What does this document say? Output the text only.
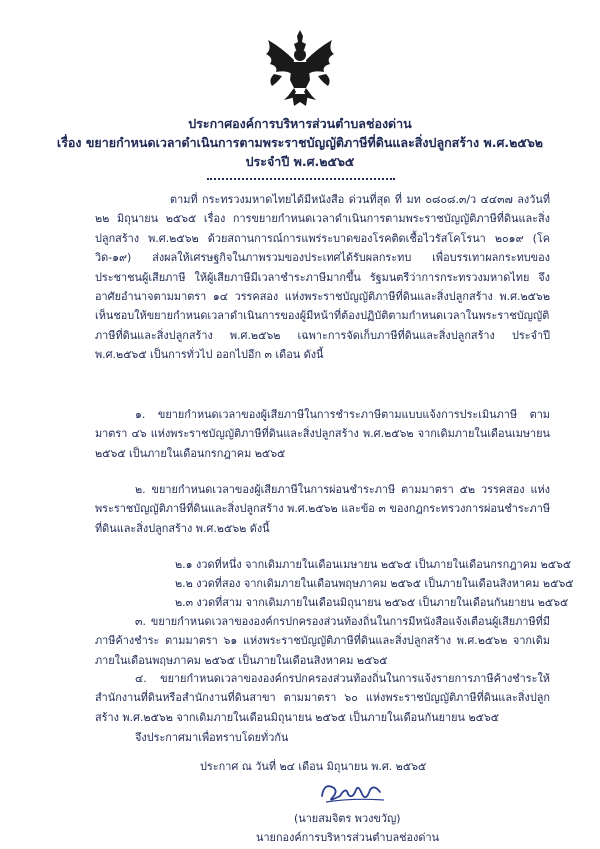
ประกาศองค์การบริหารส่วนตำบลช่องด่าน
เรื่อง ขยายกำหนดเวลาดำเนินการตามพระราชบัญญัติภาษีที่ดินและสิ่งปลูกสร้าง พ.ศ.๒๕๖๒
ประจำปี พ.ศ.๒๕๖๕
ตามที่ กระทรวงมหาดไทยได้มีหนังสือ ด่วนที่สุด ที่ มท ๐๘๐๘.๓/ว ๔๔๓๗ ลงวันที่ ๒๒ มิถุนายน ๒๕๖๕ เรื่อง การขยายกำหนดเวลาดำเนินการตามพระราชบัญญัติภาษีที่ดินและสิ่งปลูกสร้าง พ.ศ.๒๕๖๒ ด้วยสถานการณ์การแพร่ระบาดของโรคติดเชื้อไวรัสโคโรนา ๒๐๑๙ (โควิด-๑๙) ส่งผลให้เศรษฐกิจในภาพรวมของประเทศได้รับผลกระทบ เพื่อบรรเทาผลกระทบของประชาชนผู้เสียภาษี ให้ผู้เสียภาษีมีเวลาชำระภาษีมากขึ้น รัฐมนตรีว่าการกระทรวงมหาดไทย จึงอาศัยอำนาจตามมาตรา ๑๔ วรรคสอง แห่งพระราชบัญญัติภาษีที่ดินและสิ่งปลูกสร้าง พ.ศ.๒๕๖๒ เห็นชอบให้ขยายกำหนดเวลาดำเนินการของผู้มีหน้าที่ต้องปฏิบัติตามกำหนดเวลาในพระราชบัญญัติภาษีที่ดินและสิ่งปลูกสร้าง พ.ศ.๒๕๖๒ เฉพาะการจัดเก็บภาษีที่ดินและสิ่งปลูกสร้าง ประจำปี พ.ศ.๒๕๖๕ เป็นการทั่วไป ออกไปอีก ๓ เดือน ดังนี้
๑. ขยายกำหนดเวลาของผู้เสียภาษีในการชำระภาษีตามแบบแจ้งการประเมินภาษี ตามมาตรา ๔๖ แห่งพระราชบัญญัติภาษีที่ดินและสิ่งปลูกสร้าง พ.ศ.๒๕๖๒ จากเดิมภายในเดือนเมษายน ๒๕๖๕ เป็นภายในเดือนกรกฎาคม ๒๕๖๕
๒. ขยายกำหนดเวลาของผู้เสียภาษีในการผ่อนชำระภาษี ตามมาตรา ๕๒ วรรคสอง แห่งพระราชบัญญัติภาษีที่ดินและสิ่งปลูกสร้าง พ.ศ.๒๕๖๒ และข้อ ๓ ของกฎกระทรวงการผ่อนชำระภาษีที่ดินและสิ่งปลูกสร้าง พ.ศ.๒๕๖๒ ดังนี้
๒.๑ งวดที่หนึ่ง จากเดิมภายในเดือนเมษายน ๒๕๖๕ เป็นภายในเดือนกรกฎาคม ๒๕๖๕
๒.๒ งวดที่สอง จากเดิมภายในเดือนพฤษภาคม ๒๕๖๕ เป็นภายในเดือนสิงหาคม ๒๕๖๕
๒.๓ งวดที่สาม จากเดิมภายในเดือนมิถุนายน ๒๕๖๕ เป็นภายในเดือนกันยายน ๒๕๖๕
๓. ขยายกำหนดเวลาขององค์กรปกครองส่วนท้องถิ่นในการมีหนังสือแจ้งเตือนผู้เสียภาษีที่มีภาษีค้างชำระ ตามมาตรา ๖๑ แห่งพระราชบัญญัติภาษีที่ดินและสิ่งปลูกสร้าง พ.ศ.๒๕๖๒ จากเดิมภายในเดือนพฤษภาคม ๒๕๖๕ เป็นภายในเดือนสิงหาคม ๒๕๖๕
๔. ขยายกำหนดเวลาขององค์กรปกครองส่วนท้องถิ่นในการแจ้งรายการภาษีค้างชำระให้สำนักงานที่ดินหรือสำนักงานที่ดินสาขา ตามมาตรา ๖๐ แห่งพระราชบัญญัติภาษีที่ดินและสิ่งปลูกสร้าง พ.ศ.๒๕๖๒ จากเดิมภายในเดือนมิถุนายน ๒๕๖๕ เป็นภายในเดือนกันยายน ๒๕๖๕
จึงประกาศมาเพื่อทราบโดยทั่วกัน
ประกาศ ณ วันที่ ๒๔ เดือน มิถุนายน พ.ศ. ๒๕๖๕
(นายสมจิตร พวงขวัญ)
นายกองค์การบริหารส่วนตำบลช่องด่าน
